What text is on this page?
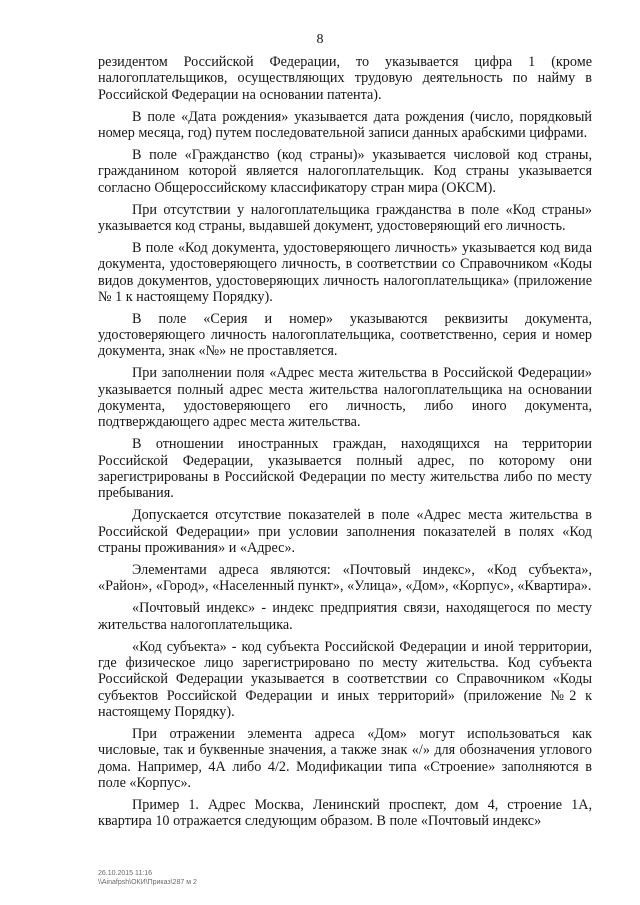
8

резидентом Российской Федерации, то указывается цифра 1 (кроме налогоплательщиков, осуществляющих трудовую деятельность по найму в Российской Федерации на основании патента).

В поле «Дата рождения» указывается дата рождения (число, порядковый номер месяца, год) путем последовательной записи данных арабскими цифрами.

В поле «Гражданство (код страны)» указывается числовой код страны, гражданином которой является налогоплательщик. Код страны указывается согласно Общероссийскому классификатору стран мира (ОКСМ).

При отсутствии у налогоплательщика гражданства в поле «Код страны» указывается код страны, выдавшей документ, удостоверяющий его личность.

В поле «Код документа, удостоверяющего личность» указывается код вида документа, удостоверяющего личность, в соответствии со Справочником «Коды видов документов, удостоверяющих личность налогоплательщика» (приложение № 1 к настоящему Порядку).

В поле «Серия и номер» указываются реквизиты документа, удостоверяющего личность налогоплательщика, соответственно, серия и номер документа, знак «№» не проставляется.

При заполнении поля «Адрес места жительства в Российской Федерации» указывается полный адрес места жительства налогоплательщика на основании документа, удостоверяющего его личность, либо иного документа, подтверждающего адрес места жительства.

В отношении иностранных граждан, находящихся на территории Российской Федерации, указывается полный адрес, по которому они зарегистрированы в Российской Федерации по месту жительства либо по месту пребывания.

Допускается отсутствие показателей в поле «Адрес места жительства в Российской Федерации» при условии заполнения показателей в полях «Код страны проживания» и «Адрес».

Элементами адреса являются: «Почтовый индекс», «Код субъекта», «Район», «Город», «Населенный пункт», «Улица», «Дом», «Корпус», «Квартира».

«Почтовый индекс» - индекс предприятия связи, находящегося по месту жительства налогоплательщика.

«Код субъекта» - код субъекта Российской Федерации и иной территории, где физическое лицо зарегистрировано по месту жительства. Код субъекта Российской Федерации указывается в соответствии со Справочником «Коды субъектов Российской Федерации и иных территорий» (приложение №2 к настоящему Порядку).

При отражении элемента адреса «Дом» могут использоваться как числовые, так и буквенные значения, а также знак «/» для обозначения углового дома. Например, 4А либо 4/2. Модификации типа «Строение» заполняются в поле «Корпус».

Пример 1. Адрес Москва, Ленинский проспект, дом 4, строение 1А, квартира 10 отражается следующим образом. В поле «Почтовый индекс»

26.10.2015 11:16
\\Ainafpsh\ОКИ\Приказ\287 м 2
